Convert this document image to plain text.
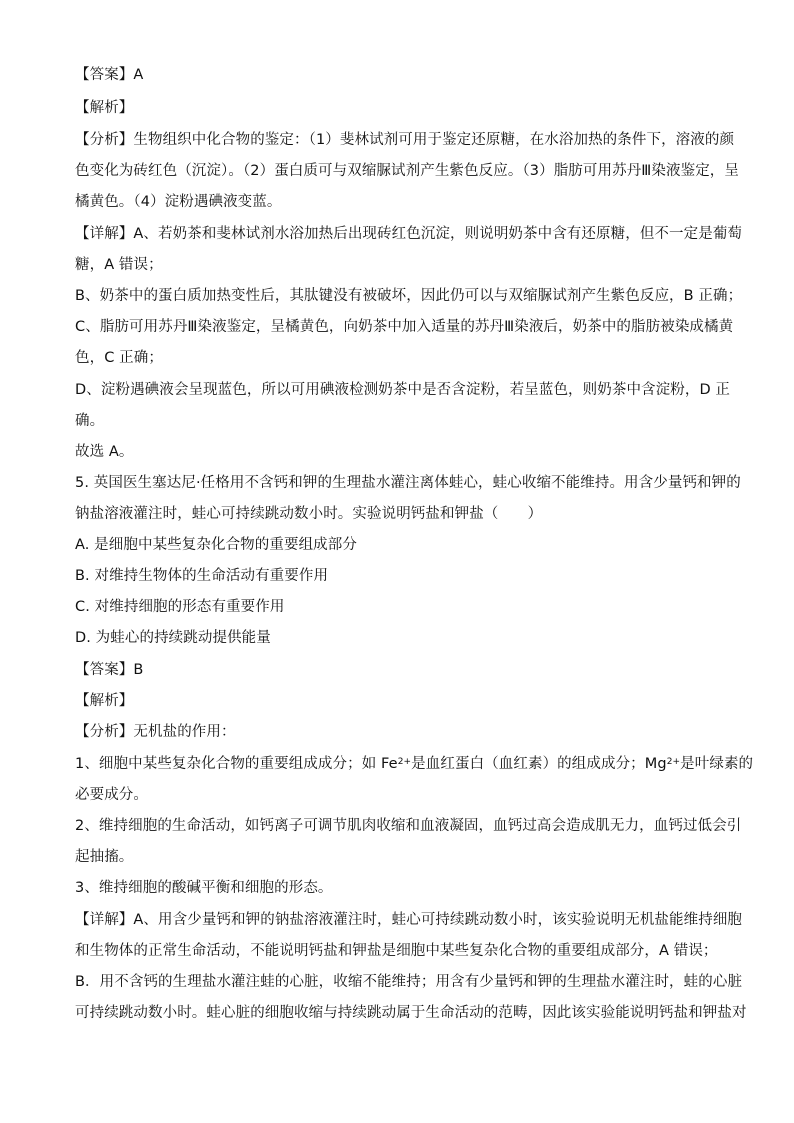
【答案】A
【解析】
【分析】生物组织中化合物的鉴定：（1）斐林试剂可用于鉴定还原糖，在水浴加热的条件下，溶液的颜
色变化为砖红色（沉淀）。（2）蛋白质可与双缩脲试剂产生紫色反应。（3）脂肪可用苏丹Ⅲ染液鉴定，呈
橘黄色。（4）淀粉遇碘液变蓝。
【详解】A、若奶茶和斐林试剂水浴加热后出现砖红色沉淀，则说明奶茶中含有还原糖，但不一定是葡萄
糖，A 错误；
B、奶茶中的蛋白质加热变性后，其肽键没有被破坏，因此仍可以与双缩脲试剂产生紫色反应，B 正确；
C、脂肪可用苏丹Ⅲ染液鉴定，呈橘黄色，向奶茶中加入适量的苏丹Ⅲ染液后，奶茶中的脂肪被染成橘黄
色，C 正确；
D、淀粉遇碘液会呈现蓝色，所以可用碘液检测奶茶中是否含淀粉，若呈蓝色，则奶茶中含淀粉，D 正
确。
故选 A。
5. 英国医生塞达尼·任格用不含钙和钾的生理盐水灌注离体蛙心，蛙心收缩不能维持。用含少量钙和钾的
钠盐溶液灌注时，蛙心可持续跳动数小时。实验说明钙盐和钾盐（　　）
A. 是细胞中某些复杂化合物的重要组成部分
B. 对维持生物体的生命活动有重要作用
C. 对维持细胞的形态有重要作用
D. 为蛙心的持续跳动提供能量
【答案】B
【解析】
【分析】无机盐的作用：
1、细胞中某些复杂化合物的重要组成成分；如 $Fe^{2+}$是血红蛋白（血红素）的组成成分；$Mg^{2+}$是叶绿素的
必要成分。
2、维持细胞的生命活动，如钙离子可调节肌肉收缩和血液凝固，血钙过高会造成肌无力，血钙过低会引
起抽搐。
3、维持细胞的酸碱平衡和细胞的形态。
【详解】A、用含少量钙和钾的钠盐溶液灌注时，蛙心可持续跳动数小时，该实验说明无机盐能维持细胞
和生物体的正常生命活动，不能说明钙盐和钾盐是细胞中某些复杂化合物的重要组成部分，A 错误；
B．用不含钙的生理盐水灌注蛙的心脏，收缩不能维持；用含有少量钙和钾的生理盐水灌注时，蛙的心脏
可持续跳动数小时。蛙心脏的细胞收缩与持续跳动属于生命活动的范畴，因此该实验能说明钙盐和钾盐对
